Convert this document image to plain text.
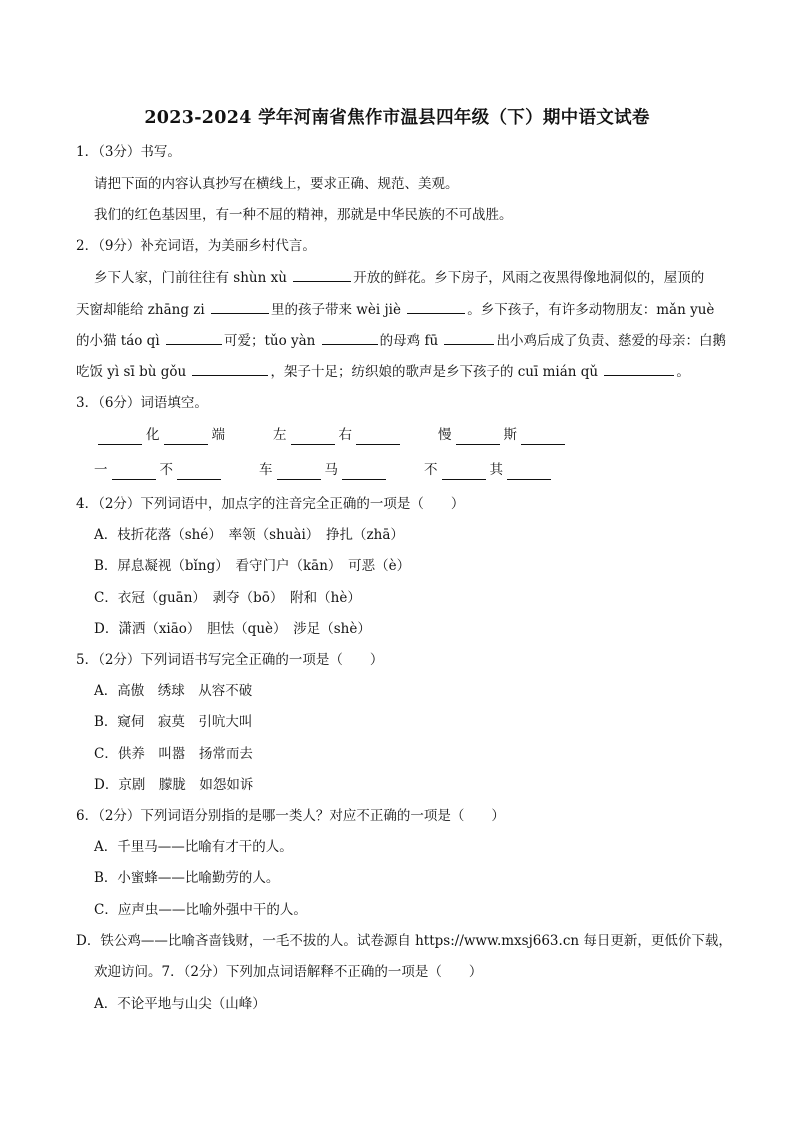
2023-2024 学年河南省焦作市温县四年级（下）期中语文试卷
1．（3分）书写。
请把下面的内容认真抄写在横线上，要求正确、规范、美观。
我们的红色基因里，有一种不屈的精神，那就是中华民族的不可战胜。
2．（9分）补充词语，为美丽乡村代言。
乡下人家，门前往往有 shùn xù	开放的鲜花。乡下房子，风雨之夜黑得像地洞似的，屋顶的
天窗却能给 zhāng zi	里的孩子带来 wèi jiè	。乡下孩子，有许多动物朋友：mǎn yuè
的小猫 táo qì	可爱；tǔo yàn	的母鸡 fū	出小鸡后成了负责、慈爱的母亲：白鹅
吃饭 yì sī bù gǒu	，架子十足；纺织娘的歌声是乡下孩子的 cuī mián qǔ	。
3．（6分）词语填空。
化	端	左	右	慢	斯
一	不	车	马	不	其
4．（2分）下列词语中，加点字的注音完全正确的一项是（　　）
A．枝折花落（shé）　率领（shuài）　挣扎（zhā）
B．屏息凝视（bǐng）　看守门户（kān）　可恶（è）
C．衣冠（guān）　剥夺（bō）　附和（hè）
D．潇洒（xiāo）　胆怯（què）　涉足（shè）
5．（2分）下列词语书写完全正确的一项是（　　）
A．高傲　绣球　从容不破
B．窥伺　寂莫　引吭大叫
C．供养　叫嚣　扬常而去
D．京剧　朦胧　如怨如诉
6．（2分）下列词语分别指的是哪一类人？对应不正确的一项是（　　）
A．千里马——比喻有才干的人。
B．小蜜蜂——比喻勤劳的人。
C．应声虫——比喻外强中干的人。
D．铁公鸡——比喻吝啬钱财，一毛不拔的人。试卷源自 https://www.mxsj663.cn 每日更新，更低价下载，
欢迎访问。7．（2分）下列加点词语解释不正确的一项是（　　）
A．不论平地与山尖（山峰）
